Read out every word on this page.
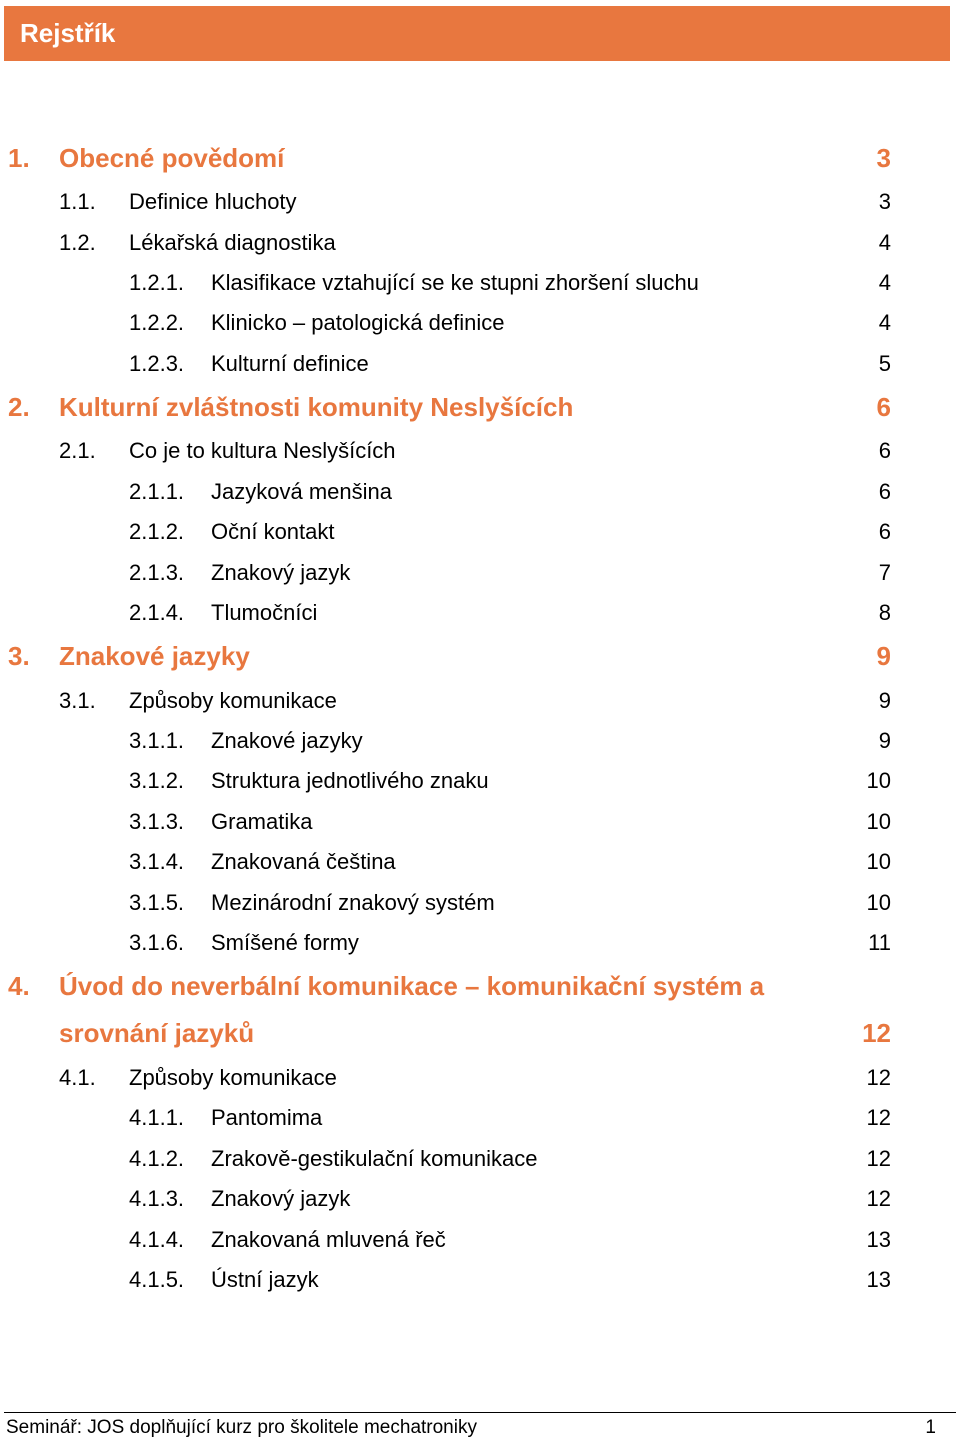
Rejstřík
1. Obecné povědomí	3
1.1. Definice hluchoty	3
1.2. Lékařská diagnostika	4
1.2.1. Klasifikace vztahující se ke stupni zhoršení sluchu	4
1.2.2. Klinicko – patologická definice	4
1.2.3. Kulturní definice	5
2. Kulturní zvláštnosti komunity Neslyšících	6
2.1. Co je to kultura Neslyšících	6
2.1.1. Jazyková menšina	6
2.1.2. Oční kontakt	6
2.1.3. Znakový jazyk	7
2.1.4. Tlumočníci	8
3. Znakové jazyky	9
3.1. Způsoby komunikace	9
3.1.1. Znakové jazyky	9
3.1.2. Struktura jednotlivého znaku	10
3.1.3. Gramatika	10
3.1.4. Znakovaná čeština	10
3.1.5. Mezinárodní znakový systém	10
3.1.6. Smíšené formy	11
4. Úvod do neverbální komunikace – komunikační systém a
srovnání jazyků	12
4.1. Způsoby komunikace	12
4.1.1. Pantomima	12
4.1.2. Zrakově-gestikulační komunikace	12
4.1.3. Znakový jazyk	12
4.1.4. Znakovaná mluvená řeč	13
4.1.5. Ústní jazyk	13
Seminář: JOS doplňující kurz pro školitele mechatroniky	1
